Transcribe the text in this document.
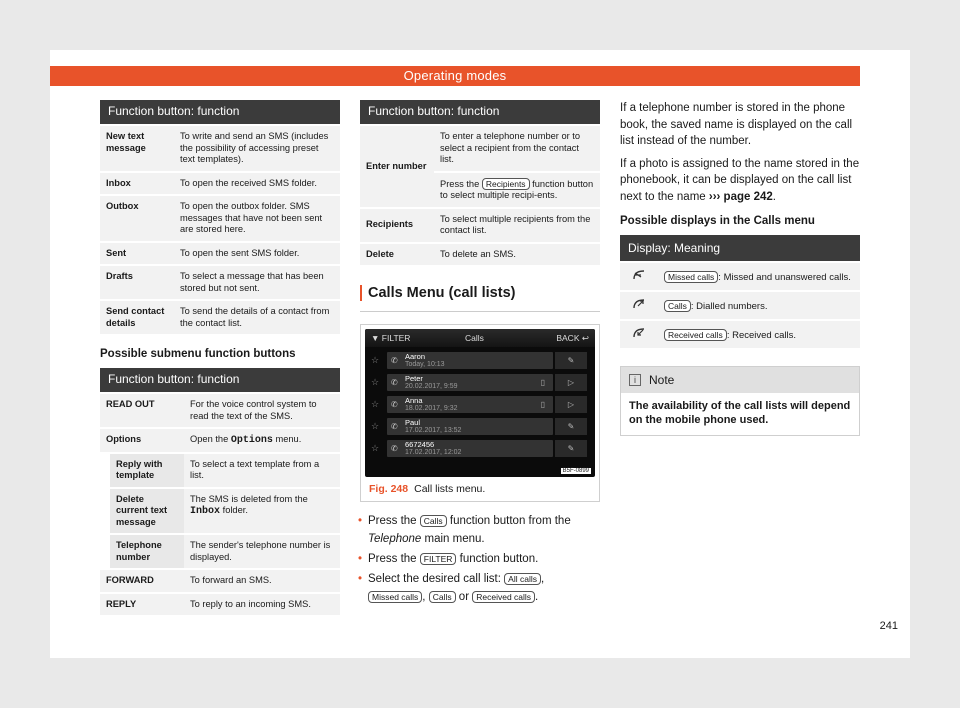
Operating modes
Function button: function	
New text message	To write and send an SMS (includes the possibility of accessing preset text templates).
Inbox	To open the received SMS folder.
Outbox	To open the outbox folder. SMS messages that have not been sent are stored here.
Sent	To open the sent SMS folder.
Drafts	To select a message that has been stored but not sent.
Send contact details	To send the details of a contact from the contact list.
Possible submenu function buttons
Function button: function		
READ OUT		For the voice control system to read the text of the SMS.
Options		Open the Options menu.
	Reply with template	To select a text template from a list.
	Delete current text message	The SMS is deleted from the Inbox folder.
	Telephone number	The sender's telephone number is displayed.
FORWARD		To forward an SMS.
REPLY		To reply to an incoming SMS.
Function button: function	
Enter number	To enter a telephone number or to select a recipient from the contact list.
	Press the Recipients function button to select multiple recipi-ents.
Recipients	To select multiple recipients from the contact list.
Delete	To delete an SMS.
Calls Menu (call lists)
▼ FILTER	Calls	BACK ↩
☆	✆ Aaron
Today, 10:13	✎
☆	✆ Peter
20.02.2017, 9:59	▯	▷
☆	✆ Anna
18.02.2017, 9:32	▯	▷
☆	✆ Paul
17.02.2017, 13:52	✎
☆	✆ 6672456
17.02.2017, 12:02	✎
B5F-0899
Fig. 248 Call lists menu.
• Press the Calls function button from the Telephone main menu.
• Press the FILTER function button.
• Select the desired call list: All calls , Missed calls , Calls or Received calls .

If a telephone number is stored in the phone book, the saved name is displayed on the call list instead of the number.

If a photo is assigned to the name stored in the phonebook, it can be displayed on the call list next to the name ››› page 242.

Possible displays in the Calls menu
Display: Meaning	
	Missed calls : Missed and unanswered calls.
	Calls : Dialled numbers.
	Received calls : Received calls.
i	Note
The availability of the call lists will depend on the mobile phone used.
241
